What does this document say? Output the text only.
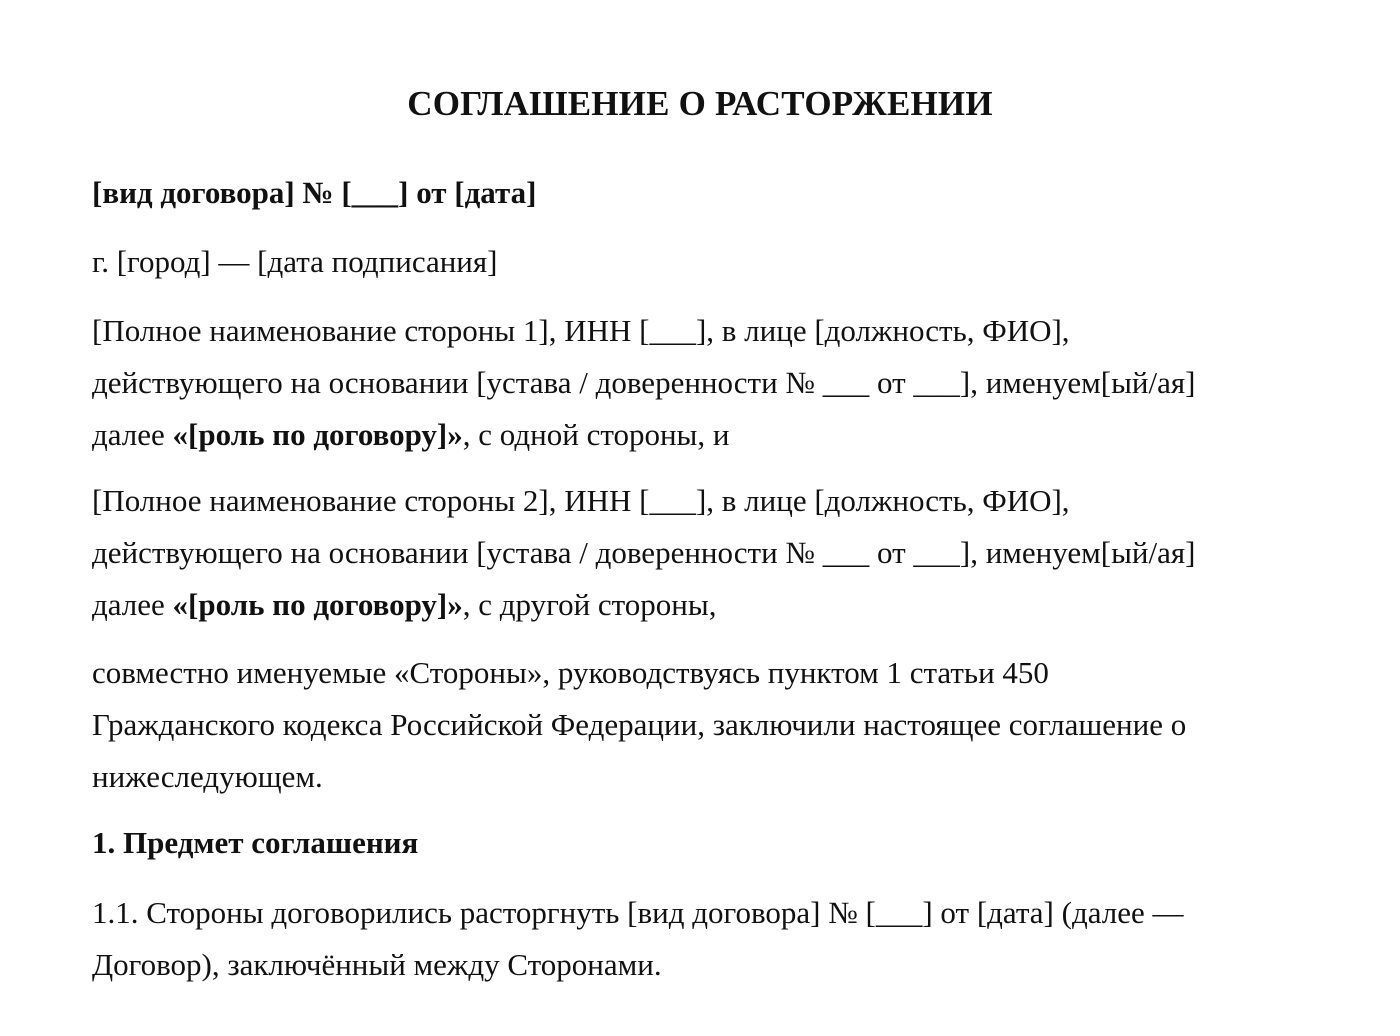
СОГЛАШЕНИЕ О РАСТОРЖЕНИИ

[вид договора] № [___] от [дата]

г. [город] — [дата подписания]

[Полное наименование стороны 1], ИНН [___], в лице [должность, ФИО],

действующего на основании [устава / доверенности № ___ от ___], именуем[ый/ая]

далее «[роль по договору]», с одной стороны, и

[Полное наименование стороны 2], ИНН [___], в лице [должность, ФИО],

действующего на основании [устава / доверенности № ___ от ___], именуем[ый/ая]

далее «[роль по договору]», с другой стороны,

совместно именуемые «Стороны», руководствуясь пунктом 1 статьи 450

Гражданского кодекса Российской Федерации, заключили настоящее соглашение о

нижеследующем.

1. Предмет соглашения

1.1. Стороны договорились расторгнуть [вид договора] № [___] от [дата] (далее —

Договор), заключённый между Сторонами.
